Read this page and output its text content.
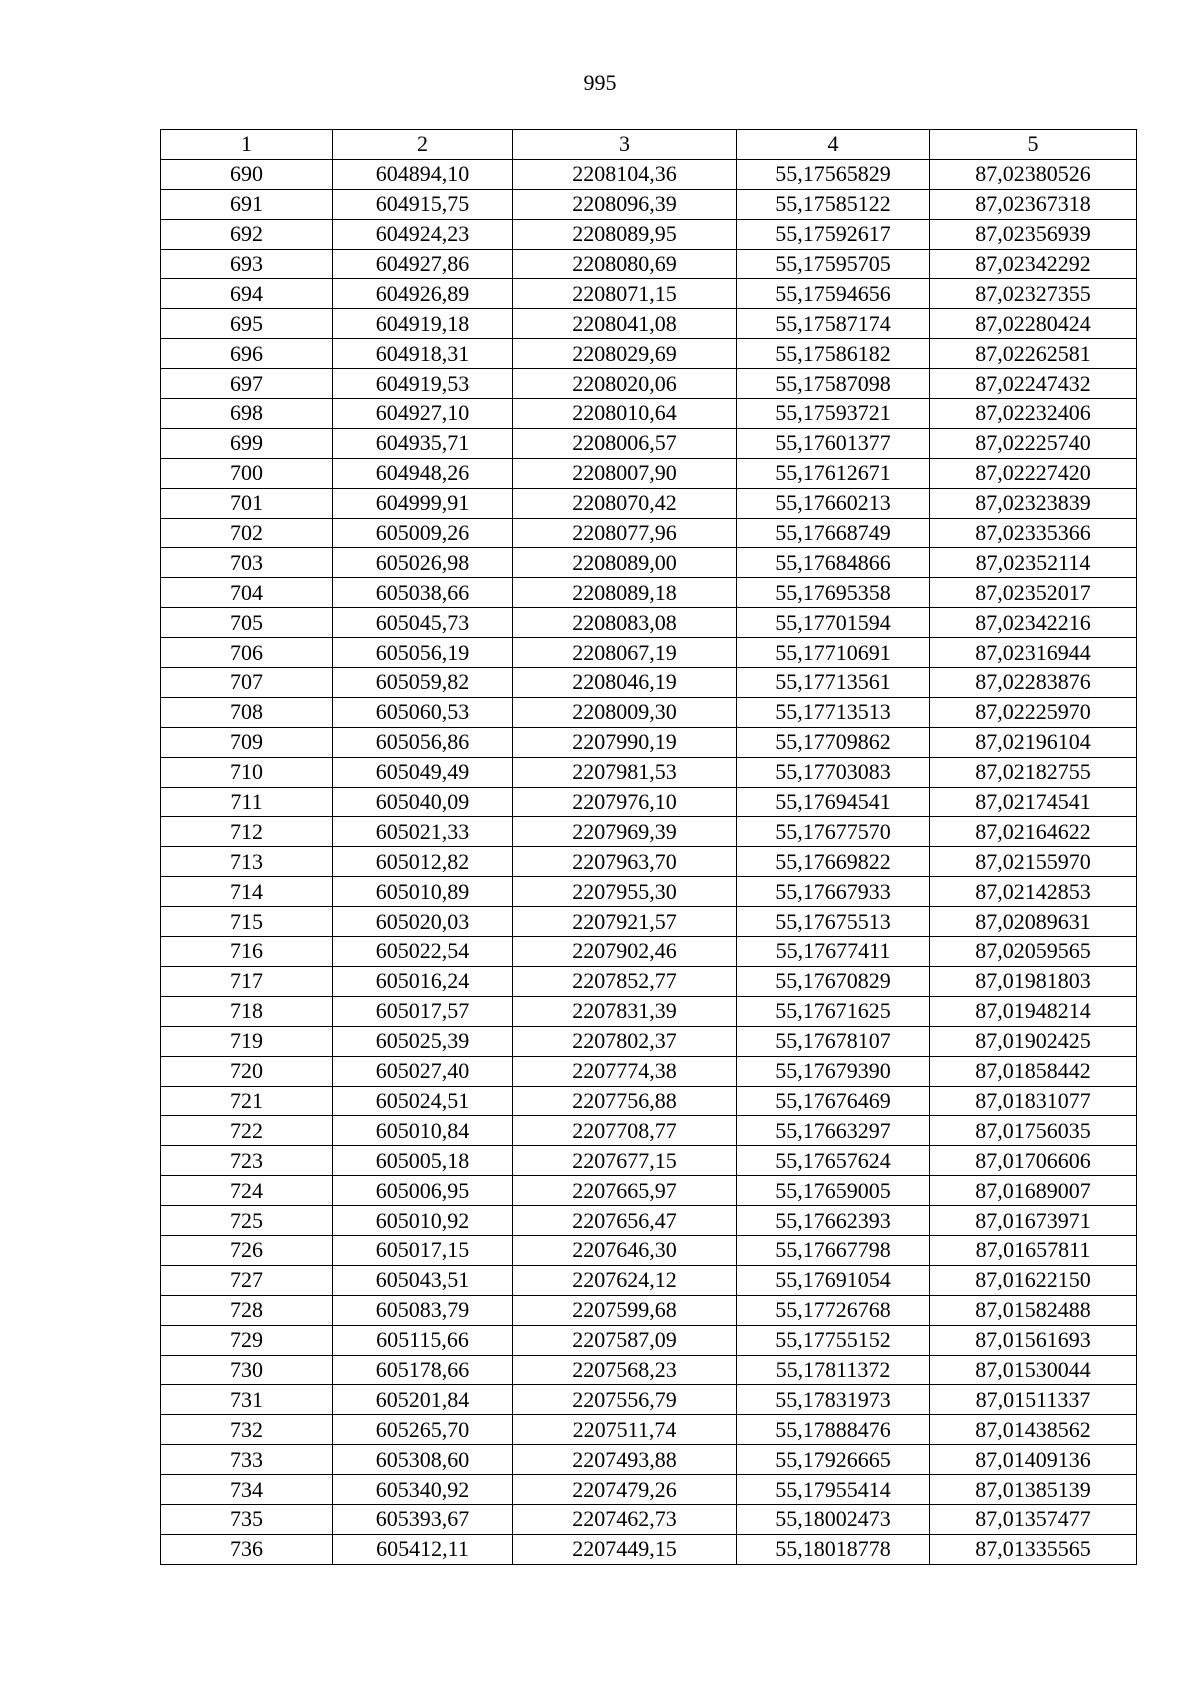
995
1	2	3	4	5
690	604894,10	2208104,36	55,17565829	87,02380526
691	604915,75	2208096,39	55,17585122	87,02367318
692	604924,23	2208089,95	55,17592617	87,02356939
693	604927,86	2208080,69	55,17595705	87,02342292
694	604926,89	2208071,15	55,17594656	87,02327355
695	604919,18	2208041,08	55,17587174	87,02280424
696	604918,31	2208029,69	55,17586182	87,02262581
697	604919,53	2208020,06	55,17587098	87,02247432
698	604927,10	2208010,64	55,17593721	87,02232406
699	604935,71	2208006,57	55,17601377	87,02225740
700	604948,26	2208007,90	55,17612671	87,02227420
701	604999,91	2208070,42	55,17660213	87,02323839
702	605009,26	2208077,96	55,17668749	87,02335366
703	605026,98	2208089,00	55,17684866	87,02352114
704	605038,66	2208089,18	55,17695358	87,02352017
705	605045,73	2208083,08	55,17701594	87,02342216
706	605056,19	2208067,19	55,17710691	87,02316944
707	605059,82	2208046,19	55,17713561	87,02283876
708	605060,53	2208009,30	55,17713513	87,02225970
709	605056,86	2207990,19	55,17709862	87,02196104
710	605049,49	2207981,53	55,17703083	87,02182755
711	605040,09	2207976,10	55,17694541	87,02174541
712	605021,33	2207969,39	55,17677570	87,02164622
713	605012,82	2207963,70	55,17669822	87,02155970
714	605010,89	2207955,30	55,17667933	87,02142853
715	605020,03	2207921,57	55,17675513	87,02089631
716	605022,54	2207902,46	55,17677411	87,02059565
717	605016,24	2207852,77	55,17670829	87,01981803
718	605017,57	2207831,39	55,17671625	87,01948214
719	605025,39	2207802,37	55,17678107	87,01902425
720	605027,40	2207774,38	55,17679390	87,01858442
721	605024,51	2207756,88	55,17676469	87,01831077
722	605010,84	2207708,77	55,17663297	87,01756035
723	605005,18	2207677,15	55,17657624	87,01706606
724	605006,95	2207665,97	55,17659005	87,01689007
725	605010,92	2207656,47	55,17662393	87,01673971
726	605017,15	2207646,30	55,17667798	87,01657811
727	605043,51	2207624,12	55,17691054	87,01622150
728	605083,79	2207599,68	55,17726768	87,01582488
729	605115,66	2207587,09	55,17755152	87,01561693
730	605178,66	2207568,23	55,17811372	87,01530044
731	605201,84	2207556,79	55,17831973	87,01511337
732	605265,70	2207511,74	55,17888476	87,01438562
733	605308,60	2207493,88	55,17926665	87,01409136
734	605340,92	2207479,26	55,17955414	87,01385139
735	605393,67	2207462,73	55,18002473	87,01357477
736	605412,11	2207449,15	55,18018778	87,01335565
